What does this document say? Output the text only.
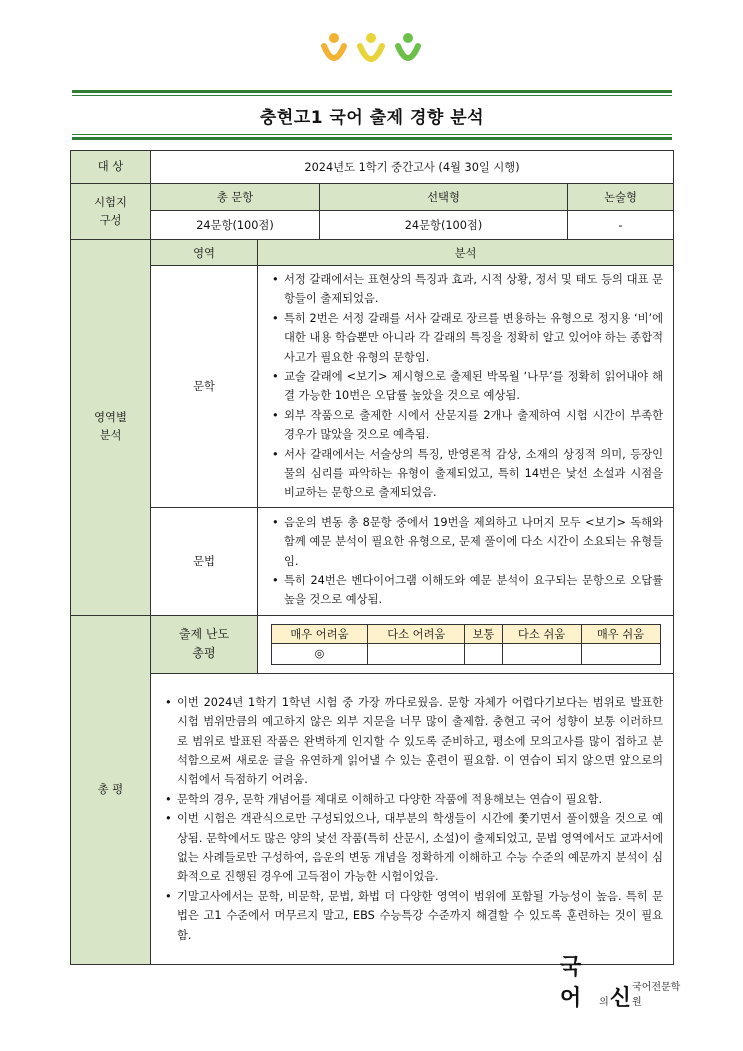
충현고1 국어 출제 경향 분석
대 상	2024년도 1학기 중간고사 (4월 30일 시행)

시험지
구성
	총 문항	선택형	논술형
24문항(100점)	24문항(100점)	-

영역별
분석
	영역	분석
문학	
• 서정 갈래에서는 표현상의 특징과 효과, 시적 상황, 정서 및 태도 등의 대표 문항들이 출제되었음.
• 특히 2번은 서정 갈래를 서사 갈래로 장르를 변용하는 유형으로 정지용 ‘비’에 대한 내용 학습뿐만 아니라 각 갈래의 특징을 정확히 알고 있어야 하는 종합적 사고가 필요한 유형의 문항임.
• 교술 갈래에 <보기> 제시형으로 출제된 박목월 ‘나무’를 정확히 읽어내야 해결 가능한 10번은 오답률 높았을 것으로 예상됨.
• 외부 작품으로 출제한 시에서 산문지를 2개나 출제하여 시험 시간이 부족한 경우가 많았을 것으로 예측됨.
• 서사 갈래에서는 서술상의 특징, 반영론적 감상, 소재의 상징적 의미, 등장인물의 심리를 파악하는 유형이 출제되었고, 특히 14번은 낯선 소설과 시점을 비교하는 문항으로 출제되었음.

문법	
• 음운의 변동 총 8문항 중에서 19번을 제외하고 나머지 모두 <보기> 독해와 함께 예문 분석이 필요한 유형으로, 문제 풀이에 다소 시간이 소요되는 유형들임.
• 특히 24번은 벤다이어그램 이해도와 예문 분석이 요구되는 문항으로 오답률 높을 것으로 예상됨.

총 평	
출제 난도
총평

매우 어려움	다소 어려움	보통	다소 쉬움	매우 쉬움
◎				

• 이번 2024년 1학기 1학년 시험 중 가장 까다로웠음. 문항 자체가 어렵다기보다는 범위로 발표한 시험 범위만큼의 예고하지 않은 외부 지문을 너무 많이 출제함. 충현고 국어 성향이 보통 이러하므로 범위로 발표된 작품은 완벽하게 인지할 수 있도록 준비하고, 평소에 모의고사를 많이 접하고 분석함으로써 새로운 글을 유연하게 읽어낼 수 있는 훈련이 필요함. 이 연습이 되지 않으면 앞으로의 시험에서 득점하기 어려움.
• 문학의 경우, 문학 개념어를 제대로 이해하고 다양한 작품에 적용해보는 연습이 필요함.
• 이번 시험은 객관식으로만 구성되었으나, 대부분의 학생들이 시간에 쫓기면서 풀이했을 것으로 예상됨. 문학에서도 많은 양의 낯선 작품(특히 산문시, 소설)이 출제되었고, 문법 영역에서도 교과서에 없는 사례들로만 구성하여, 음운의 변동 개념을 정확하게 이해하고 수능 수준의 예문까지 분석이 심화적으로 진행된 경우에 고득점이 가능한 시험이었음.
• 기말고사에서는 문학, 비문학, 문법, 화법 더 다양한 영역이 범위에 포함될 가능성이 높음. 특히 문법은 고1 수준에서 머무르지 말고, EBS 수능특강 수준까지 해결할 수 있도록 훈련하는 것이 필요함.
국어	의 신 국어전문학원
